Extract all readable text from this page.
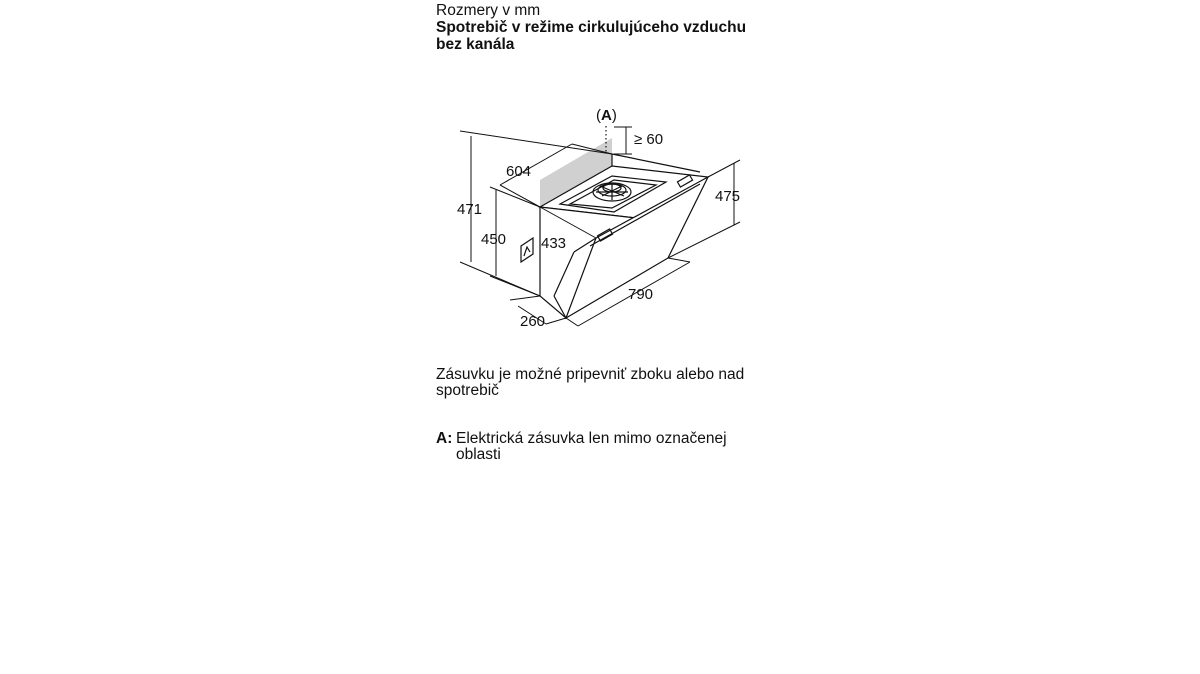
Rozmery v mm
Spotrebič v režime cirkulujúceho vzduchu
bez kanála
(A)
≥ 60
604
471
450 433
260
790
475
Zásuvku je možné pripevniť zboku alebo nad
spotrebič
A: Elektrická zásuvka len mimo označenej
oblasti
